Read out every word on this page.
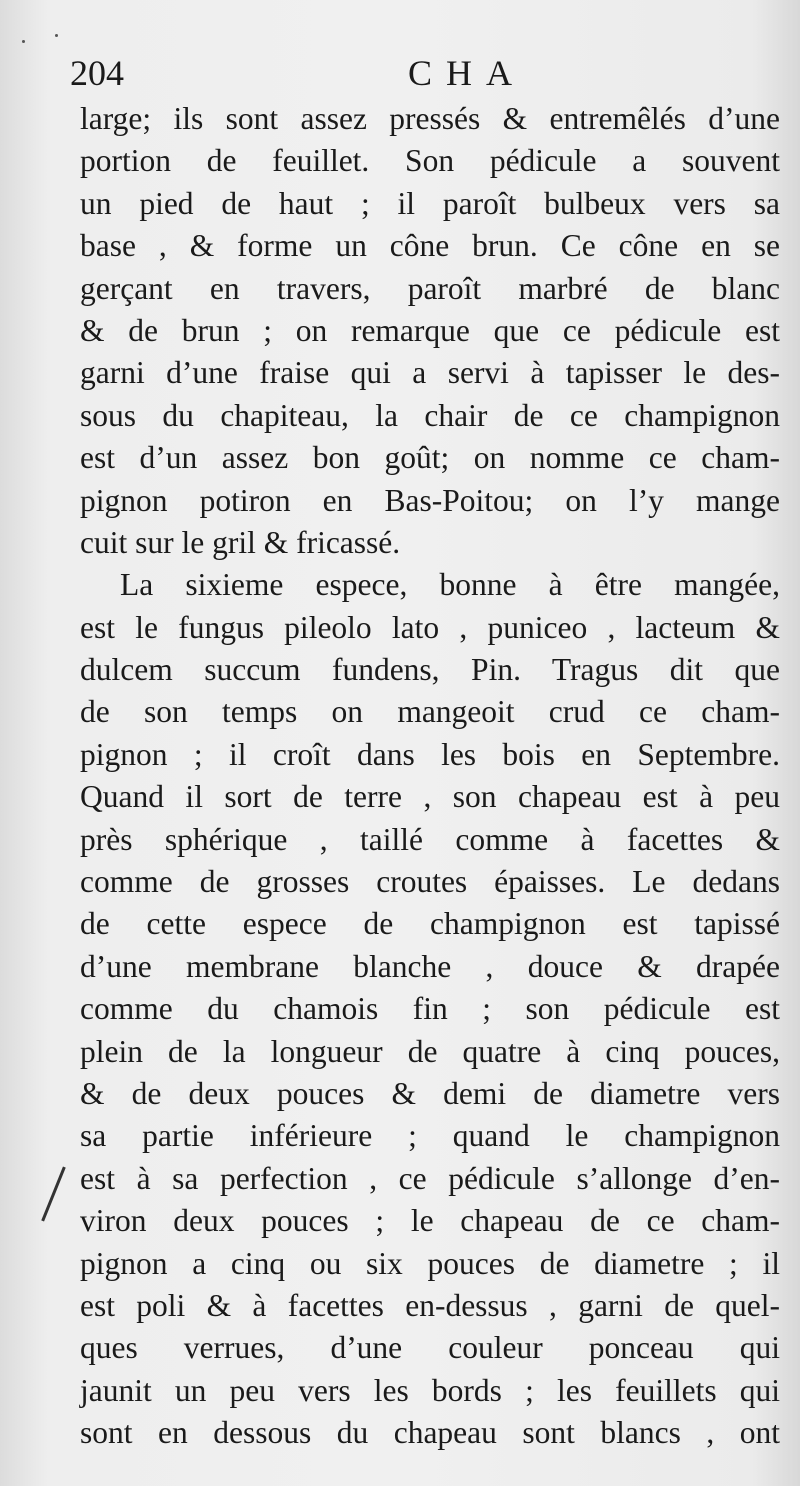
204	CHA
large; ils sont assez pressés & entremêlés d’une
portion de feuillet. Son pédicule a souvent
un pied de haut ; il paroît bulbeux vers sa
base , & forme un cône brun. Ce cône en se
gerçant en travers, paroît marbré de blanc
& de brun ; on remarque que ce pédicule est
garni d’une fraise qui a servi à tapisser le des-
sous du chapiteau, la chair de ce champignon
est d’un assez bon goût; on nomme ce cham-
pignon potiron en Bas-Poitou; on l’y mange
cuit sur le gril & fricassé.
La sixieme espece, bonne à être mangée,
est le fungus pileolo lato , puniceo , lacteum &
dulcem succum fundens, Pin. Tragus dit que
de son temps on mangeoit crud ce cham-
pignon ; il croît dans les bois en Septembre.
Quand il sort de terre , son chapeau est à peu
près sphérique , taillé comme à facettes &
comme de grosses croutes épaisses. Le dedans
de cette espece de champignon est tapissé
d’une membrane blanche , douce & drapée
comme du chamois fin ; son pédicule est
plein de la longueur de quatre à cinq pouces,
& de deux pouces & demi de diametre vers
sa partie inférieure ; quand le champignon
est à sa perfection , ce pédicule s’allonge d’en-
viron deux pouces ; le chapeau de ce cham-
pignon a cinq ou six pouces de diametre ; il
est poli & à facettes en-dessus , garni de quel-
ques verrues, d’une couleur ponceau qui
jaunit un peu vers les bords ; les feuillets qui
sont en dessous du chapeau sont blancs , ont
